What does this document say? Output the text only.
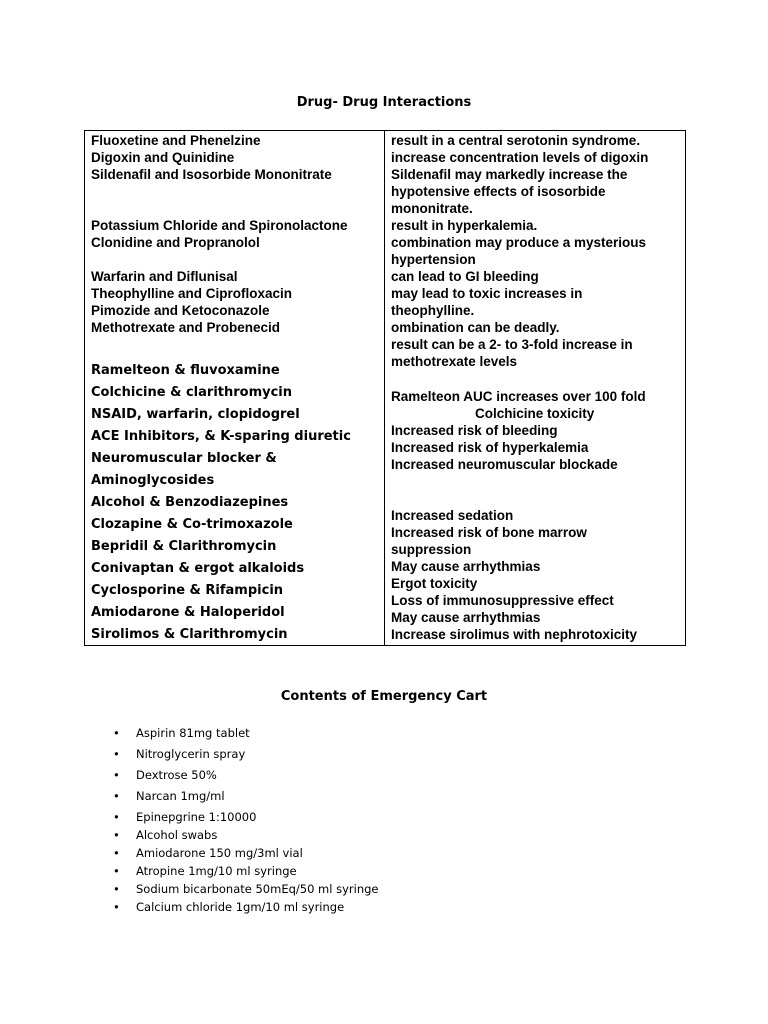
Drug- Drug Interactions
Fluoxetine and Phenelzine
Digoxin and Quinidine
Sildenafil and Isosorbide Mononitrate
Potassium Chloride and Spironolactone
Clonidine and Propranolol
Warfarin and Diflunisal
Theophylline and Ciprofloxacin
Pimozide and Ketoconazole
Methotrexate and Probenecid
Ramelteon & fluvoxamine
Colchicine & clarithromycin
NSAID, warfarin, clopidogrel
ACE Inhibitors, & K-sparing diuretic
Neuromuscular blocker &
Aminoglycosides
Alcohol & Benzodiazepines
Clozapine & Co-trimoxazole
Bepridil & Clarithromycin
Conivaptan & ergot alkaloids
Cyclosporine & Rifampicin
Amiodarone & Haloperidol
Sirolimos & Clarithromycin
result in a central serotonin syndrome.
increase concentration levels of digoxin
Sildenafil may markedly increase the
hypotensive effects of isosorbide
mononitrate.
result in hyperkalemia.
combination may produce a mysterious
hypertension
can lead to GI bleeding
may lead to toxic increases in
theophylline.
ombination can be deadly.
result can be a 2- to 3-fold increase in
methotrexate levels
Ramelteon AUC increases over 100 fold
Colchicine toxicity
Increased risk of bleeding
Increased risk of hyperkalemia
Increased neuromuscular blockade
Increased sedation
Increased risk of bone marrow
suppression
May cause arrhythmias
Ergot toxicity
Loss of immunosuppressive effect
May cause arrhythmias
Increase sirolimus with nephrotoxicity
Contents of Emergency Cart
• Aspirin 81mg tablet
• Nitroglycerin spray
• Dextrose 50%
• Narcan 1mg/ml
• Epinepgrine 1:10000
• Alcohol swabs
• Amiodarone 150 mg/3ml vial
• Atropine 1mg/10 ml syringe
• Sodium bicarbonate 50mEq/50 ml syringe
• Calcium chloride 1gm/10 ml syringe
